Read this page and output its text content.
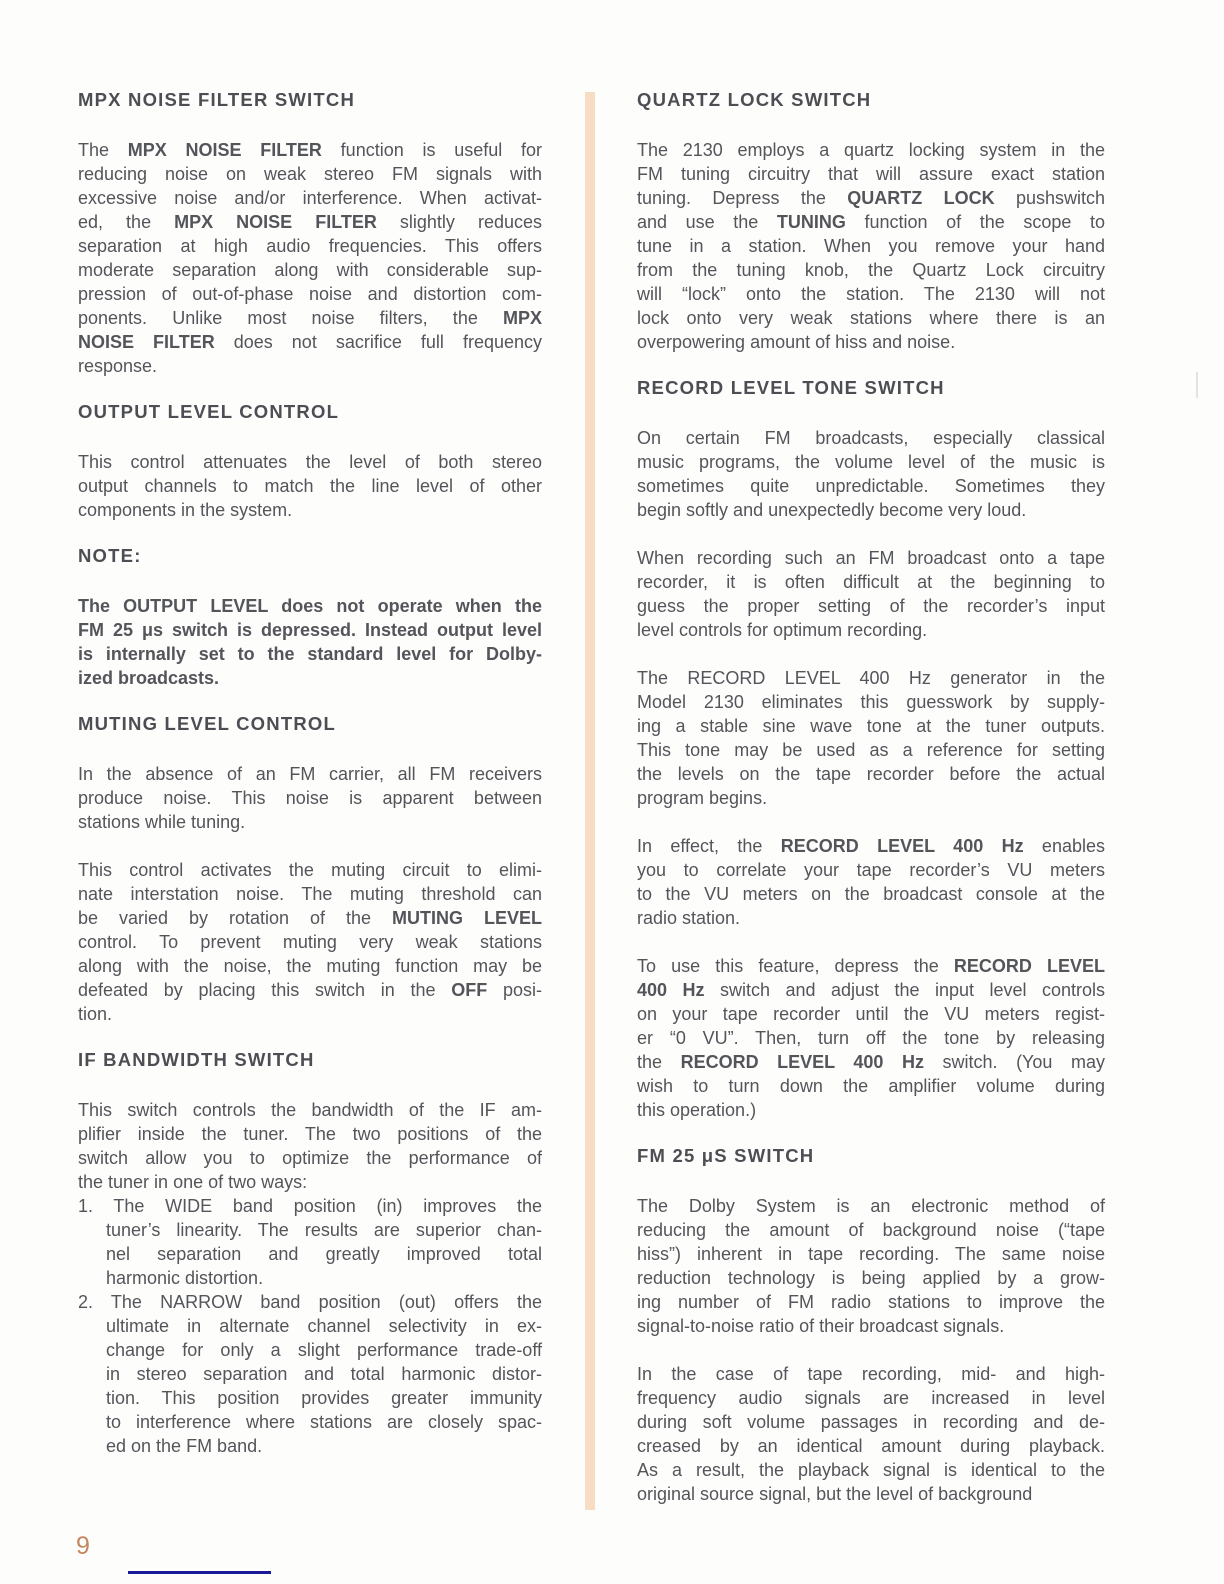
MPX NOISE FILTER SWITCH
The MPX NOISE FILTER function is useful for
reducing noise on weak stereo FM signals with
excessive noise and/or interference. When activat-
ed, the MPX NOISE FILTER slightly reduces
separation at high audio frequencies. This offers
moderate separation along with considerable sup-
pression of out-of-phase noise and distortion com-
ponents. Unlike most noise filters, the MPX
NOISE FILTER does not sacrifice full frequency
response.
OUTPUT LEVEL CONTROL
This control attenuates the level of both stereo
output channels to match the line level of other
components in the system.
NOTE:
The OUTPUT LEVEL does not operate when the
FM 25 μs switch is depressed. Instead output level
is internally set to the standard level for Dolby-
ized broadcasts.
MUTING LEVEL CONTROL
In the absence of an FM carrier, all FM receivers
produce noise. This noise is apparent between
stations while tuning.
This control activates the muting circuit to elimi-
nate interstation noise. The muting threshold can
be varied by rotation of the MUTING LEVEL
control. To prevent muting very weak stations
along with the noise, the muting function may be
defeated by placing this switch in the OFF posi-
tion.
IF BANDWIDTH SWITCH
This switch controls the bandwidth of the IF am-
plifier inside the tuner. The two positions of the
switch allow you to optimize the performance of
the tuner in one of two ways:
1. The WIDE band position (in) improves the
tuner’s linearity. The results are superior chan-
nel separation and greatly improved total
harmonic distortion.
2. The NARROW band position (out) offers the
ultimate in alternate channel selectivity in ex-
change for only a slight performance trade-off
in stereo separation and total harmonic distor-
tion. This position provides greater immunity
to interference where stations are closely spac-
ed on the FM band.
QUARTZ LOCK SWITCH
The 2130 employs a quartz locking system in the
FM tuning circuitry that will assure exact station
tuning. Depress the QUARTZ LOCK pushswitch
and use the TUNING function of the scope to
tune in a station. When you remove your hand
from the tuning knob, the Quartz Lock circuitry
will “lock” onto the station. The 2130 will not
lock onto very weak stations where there is an
overpowering amount of hiss and noise.
RECORD LEVEL TONE SWITCH
On certain FM broadcasts, especially classical
music programs, the volume level of the music is
sometimes quite unpredictable. Sometimes they
begin softly and unexpectedly become very loud.
When recording such an FM broadcast onto a tape
recorder, it is often difficult at the beginning to
guess the proper setting of the recorder’s input
level controls for optimum recording.
The RECORD LEVEL 400 Hz generator in the
Model 2130 eliminates this guesswork by supply-
ing a stable sine wave tone at the tuner outputs.
This tone may be used as a reference for setting
the levels on the tape recorder before the actual
program begins.
In effect, the RECORD LEVEL 400 Hz enables
you to correlate your tape recorder’s VU meters
to the VU meters on the broadcast console at the
radio station.
To use this feature, depress the RECORD LEVEL
400 Hz switch and adjust the input level controls
on your tape recorder until the VU meters regist-
er “0 VU”. Then, turn off the tone by releasing
the RECORD LEVEL 400 Hz switch. (You may
wish to turn down the amplifier volume during
this operation.)
FM 25 μS SWITCH
The Dolby System is an electronic method of
reducing the amount of background noise (“tape
hiss”) inherent in tape recording. The same noise
reduction technology is being applied by a grow-
ing number of FM radio stations to improve the
signal-to-noise ratio of their broadcast signals.
In the case of tape recording, mid- and high-
frequency audio signals are increased in level
during soft volume passages in recording and de-
creased by an identical amount during playback.
As a result, the playback signal is identical to the
original source signal, but the level of background
9
